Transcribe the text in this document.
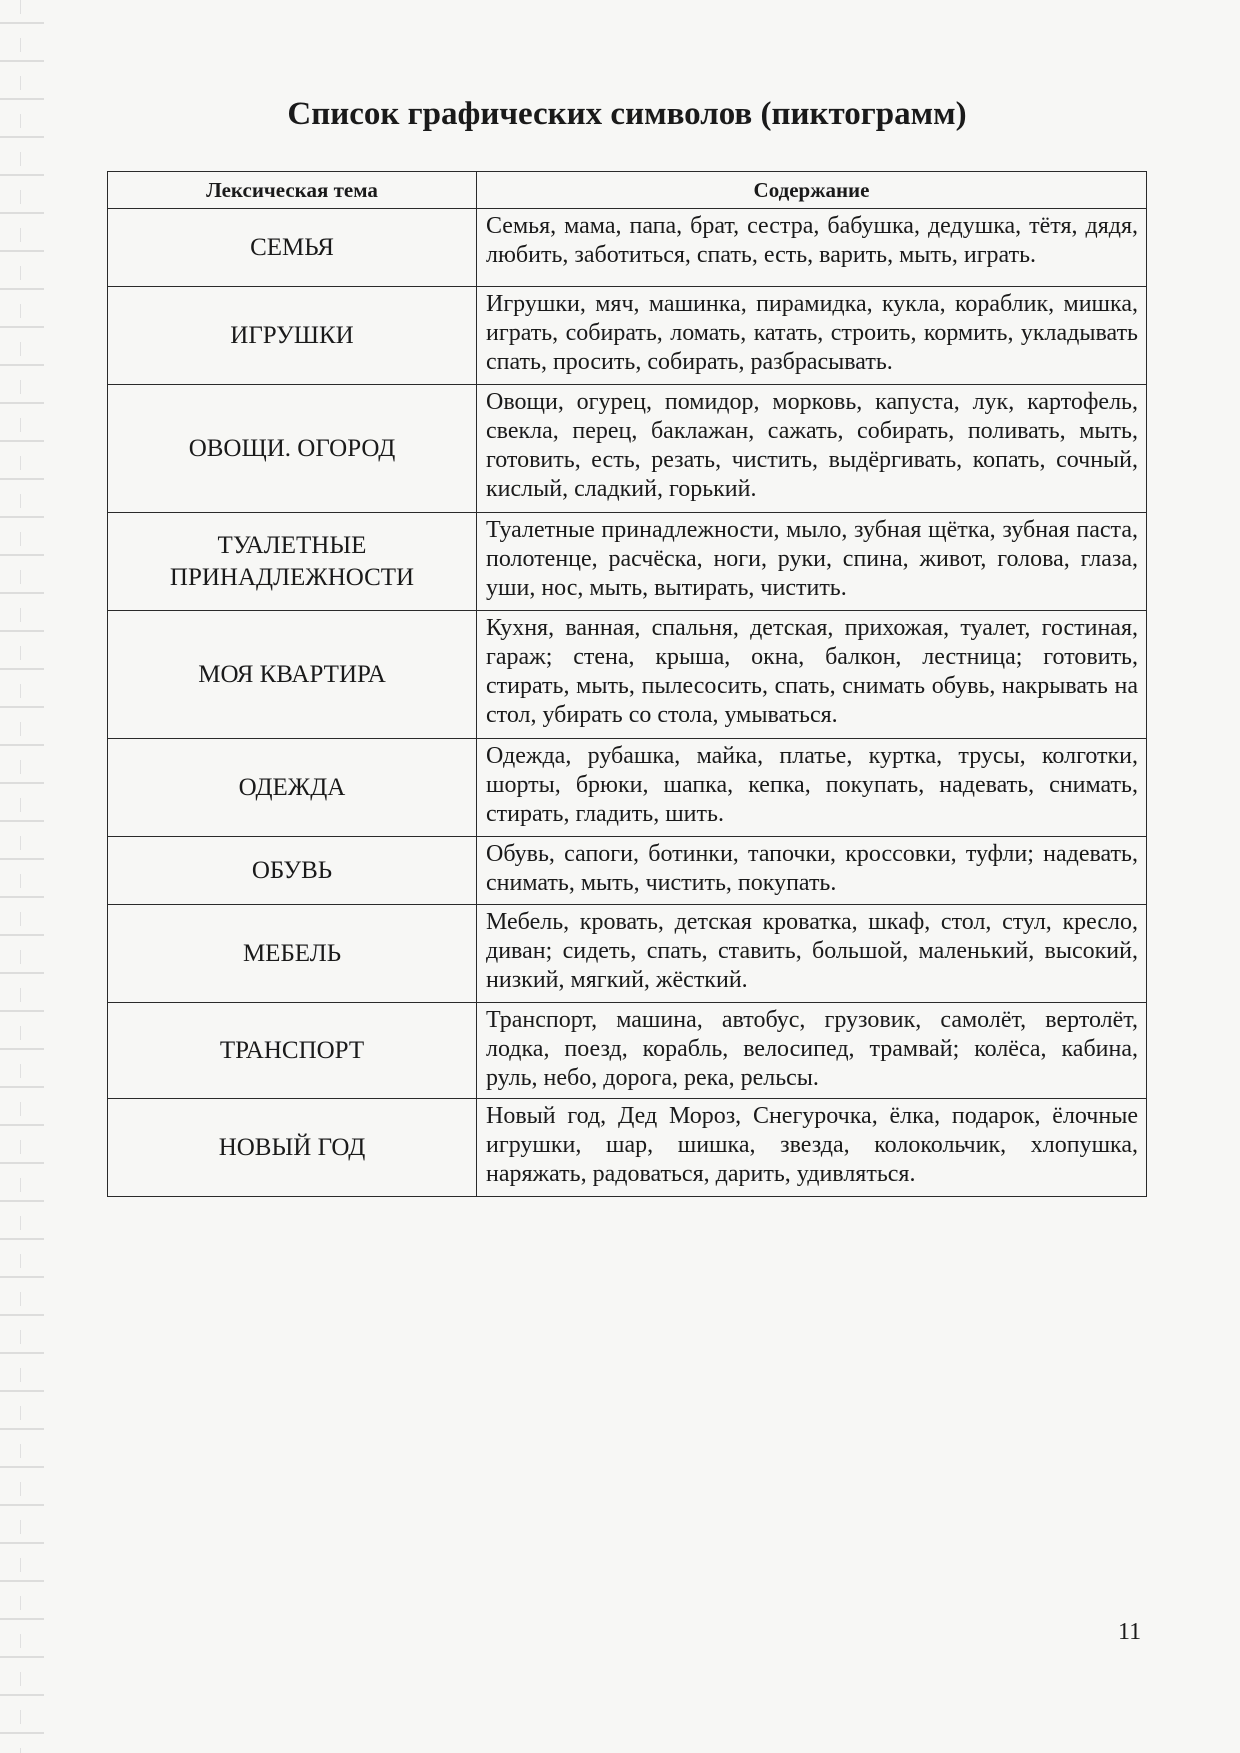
Список графических символов (пиктограмм)
Лексическая тема	Содержание
СЕМЬЯ	Семья, мама, папа, брат, сестра, бабушка, дедушка, тётя, дядя, любить, заботиться, спать, есть, варить, мыть, играть.
ИГРУШКИ	Игрушки, мяч, машинка, пирамидка, кукла, кораблик, мишка, играть, собирать, ломать, катать, строить, кормить, укладывать спать, просить, собирать, разбрасывать.
ОВОЩИ. ОГОРОД	Овощи, огурец, помидор, морковь, капуста, лук, картофель, свекла, перец, баклажан, сажать, собирать, поливать, мыть, готовить, есть, резать, чистить, выдёргивать, копать, сочный, кислый, сладкий, горький.
ТУАЛЕТНЫЕ ПРИНАДЛЕЖНОСТИ	Туалетные принадлежности, мыло, зубная щётка, зубная паста, полотенце, расчёска, ноги, руки, спина, живот, голова, глаза, уши, нос, мыть, вытирать, чистить.
МОЯ КВАРТИРА	Кухня, ванная, спальня, детская, прихожая, туалет, гостиная, гараж; стена, крыша, окна, балкон, лестница; готовить, стирать, мыть, пылесосить, спать, снимать обувь, накрывать на стол, убирать со стола, умываться.
ОДЕЖДА	Одежда, рубашка, майка, платье, куртка, трусы, колготки, шорты, брюки, шапка, кепка, покупать, надевать, снимать, стирать, гладить, шить.
ОБУВЬ	Обувь, сапоги, ботинки, тапочки, кроссовки, туфли; надевать, снимать, мыть, чистить, покупать.
МЕБЕЛЬ	Мебель, кровать, детская кроватка, шкаф, стол, стул, кресло, диван; сидеть, спать, ставить, большой, маленький, высокий, низкий, мягкий, жёсткий.
ТРАНСПОРТ	Транспорт, машина, автобус, грузовик, самолёт, вертолёт, лодка, поезд, корабль, велосипед, трамвай; колёса, кабина, руль, небо, дорога, река, рельсы.
НОВЫЙ ГОД	Новый год, Дед Мороз, Снегурочка, ёлка, подарок, ёлочные игрушки, шар, шишка, звезда, колокольчик, хлопушка, наряжать, радоваться, дарить, удивляться.
11
